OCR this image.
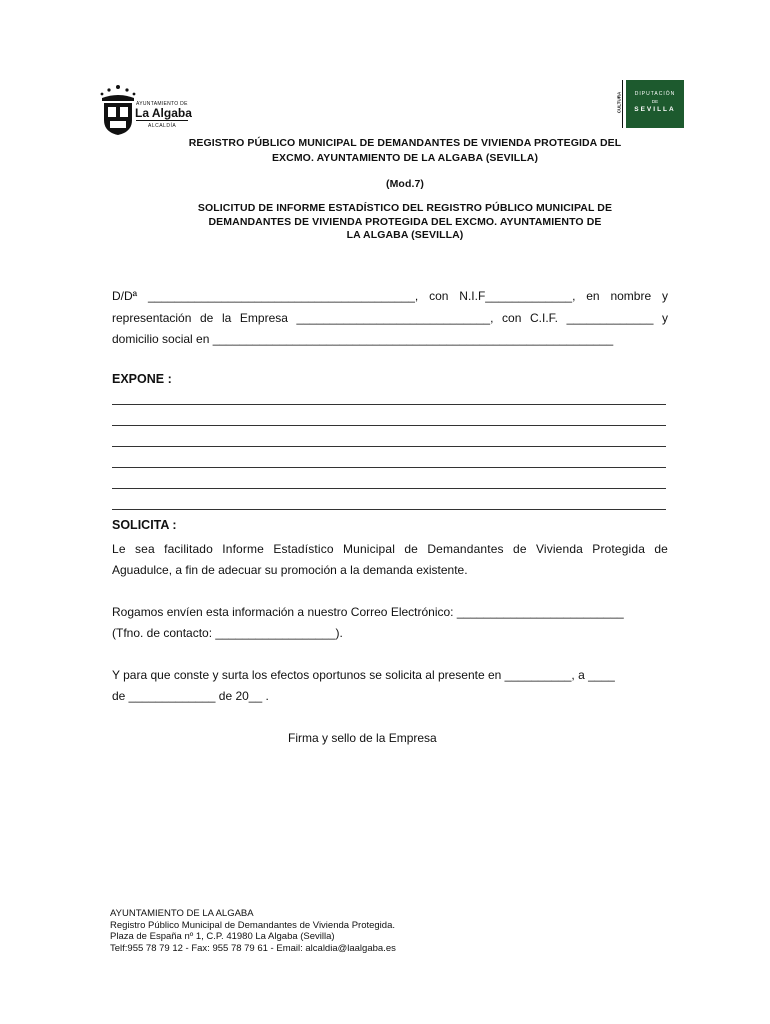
AYUNTAMIENTO DE
La Algaba
ALCALDÍA
CULTURA	DIPUTACIÓN
DE
SEVILLA
REGISTRO PÚBLICO MUNICIPAL DE DEMANDANTES DE VIVIENDA PROTEGIDA DEL
EXCMO. AYUNTAMIENTO DE LA ALGABA (SEVILLA)
(Mod.7)
SOLICITUD DE INFORME ESTADÍSTICO DEL REGISTRO PÚBLICO MUNICIPAL DE
DEMANDANTES DE VIVIENDA PROTEGIDA DEL EXCMO. AYUNTAMIENTO DE
LA ALGABA (SEVILLA)
D/Dª ________________________________________, con N.I.F_____________, en nombre y
representación de la Empresa _____________________________, con C.I.F. _____________ y
domicilio social en ____________________________________________________________
EXPONE :
SOLICITA :
Le sea facilitado Informe Estadístico Municipal de Demandantes de Vivienda Protegida de
Aguadulce, a fin de adecuar su promoción a la demanda existente.
Rogamos envíen esta información a nuestro Correo Electrónico: _________________________
(Tfno. de contacto: __________________).
Y para que conste y surta los efectos oportunos se solicita al presente en __________, a ____
de _____________ de 20__ .
Firma y sello de la Empresa
AYUNTAMIENTO DE LA ALGABA
Registro Público Municipal de Demandantes de Vivienda Protegida.
Plaza de España nº 1, C.P. 41980 La Algaba (Sevilla)
Telf:955 78 79 12 - Fax: 955 78 79 61 - Email: alcaldia@laalgaba.es
